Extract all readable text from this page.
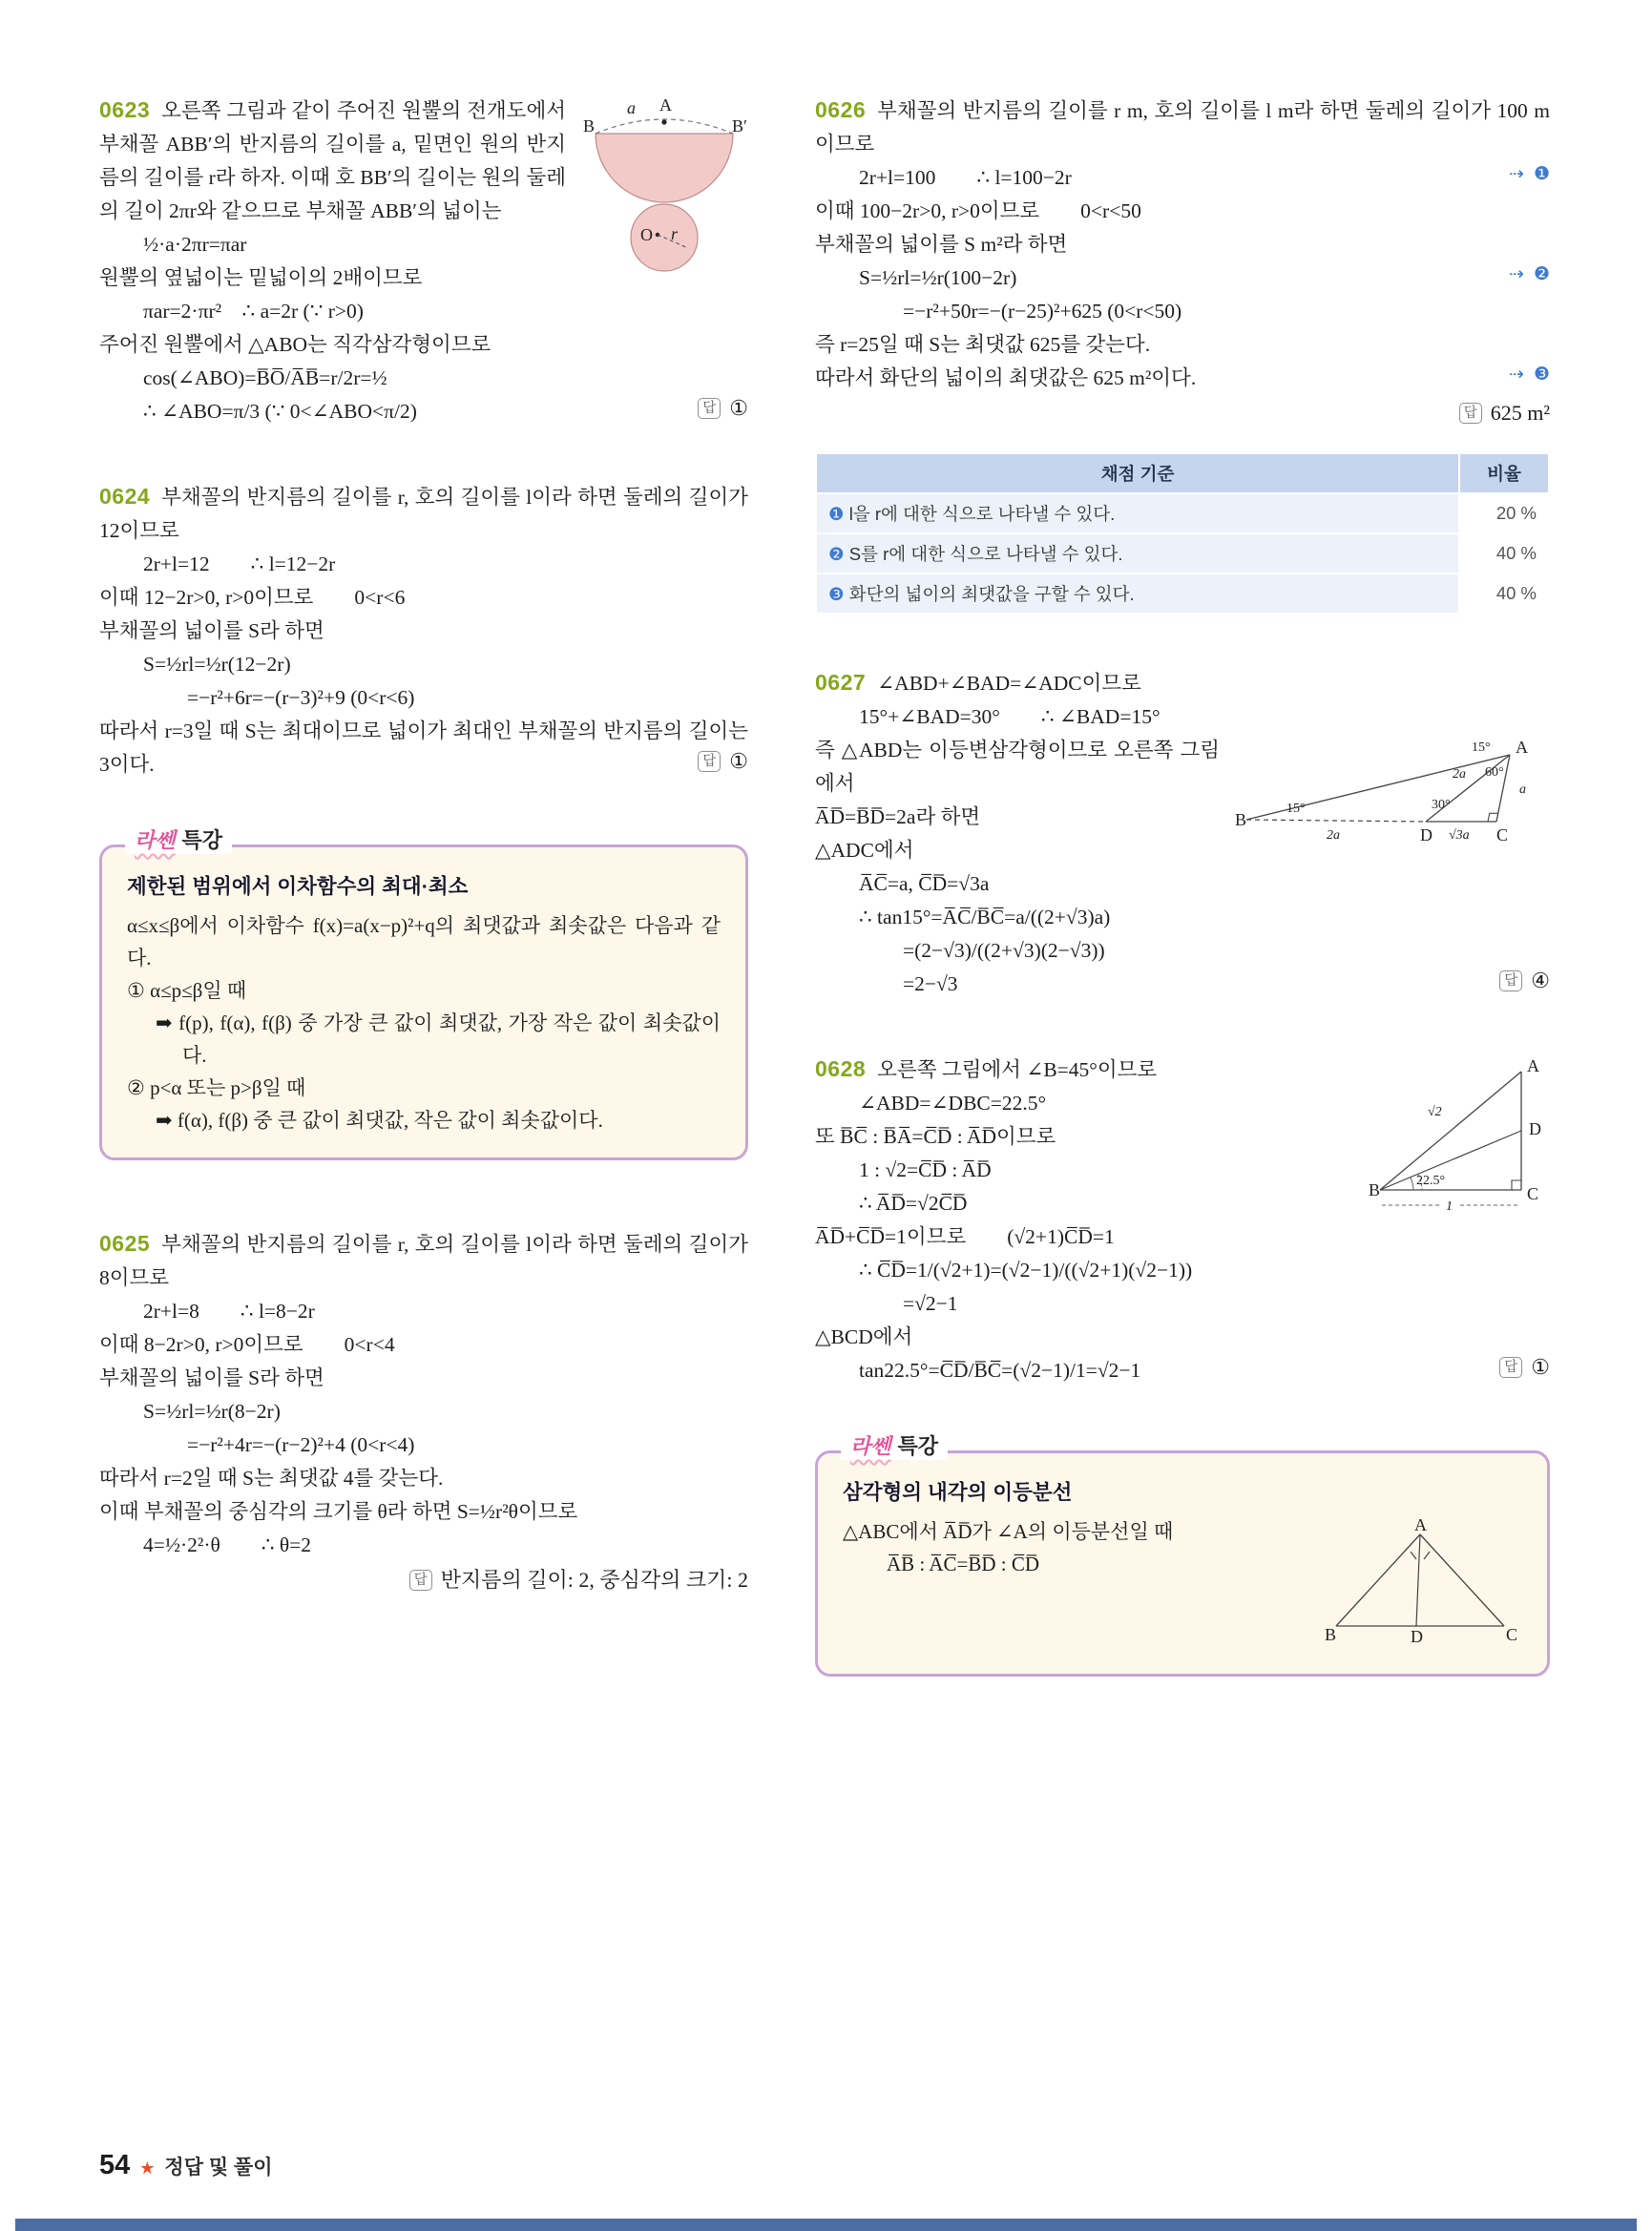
B
a A
B′
O r
0623 오른쪽 그림과 같이 주어진 원뿔의 전개도에서 부채꼴 ABB′의 반지름의 길이를 a, 밑면인 원의 반지름의 길이를 r라 하자. 이때 호 BB′의 길이는 원의 둘레의 길이 2πr와 같으므로 부채꼴 ABB′의 넓이는
½·a·2πr=πar
원뿔의 옆넓이는 밑넓이의 2배이므로
πar=2·πr² ∴ a=2r (∵ r>0)
주어진 원뿔에서 △ABO는 직각삼각형이므로
cos(∠ABO)=B̅O̅/A̅B̅=r/2r=½
∴ ∠ABO=π/3 (∵ 0<∠ABO<π/2)	답 ①
0624 부채꼴의 반지름의 길이를 r, 호의 길이를 l이라 하면 둘레의 길이가 12이므로
2r+l=12  ∴ l=12−2r
이때 12−2r>0, r>0이므로  0<r<6
부채꼴의 넓이를 S라 하면
S=½rl=½r(12−2r)
=−r²+6r=−(r−3)²+9 (0<r<6)
따라서 r=3일 때 S는 최대이므로 넓이가 최대인 부채꼴의 반지름의 길이는 3이다.	답 ①
라쎈 특강
제한된 범위에서 이차함수의 최대·최소
α≤x≤β에서 이차함수 f(x)=a(x−p)²+q의 최댓값과 최솟값은 다음과 같다.
① α≤p≤β일 때
➡ f(p), f(α), f(β) 중 가장 큰 값이 최댓값, 가장 작은 값이 최솟값이다.
② p<α 또는 p>β일 때
➡ f(α), f(β) 중 큰 값이 최댓값, 작은 값이 최솟값이다.
0625 부채꼴의 반지름의 길이를 r, 호의 길이를 l이라 하면 둘레의 길이가 8이므로
2r+l=8  ∴ l=8−2r
이때 8−2r>0, r>0이므로  0<r<4
부채꼴의 넓이를 S라 하면
S=½rl=½r(8−2r)
=−r²+4r=−(r−2)²+4 (0<r<4)
따라서 r=2일 때 S는 최댓값 4를 갖는다.
이때 부채꼴의 중심각의 크기를 θ라 하면 S=½r²θ이므로
4=½·2²·θ  ∴ θ=2
답 반지름의 길이: 2, 중심각의 크기: 2
0626 부채꼴의 반지름의 길이를 r m, 호의 길이를 l m라 하면 둘레의 길이가 100 m이므로
2r+l=100  ∴ l=100−2r	⇢ ❶
이때 100−2r>0, r>0이므로  0<r<50
부채꼴의 넓이를 S m²라 하면
S=½rl=½r(100−2r)	⇢ ❷
=−r²+50r=−(r−25)²+625 (0<r<50)
즉 r=25일 때 S는 최댓값 625를 갖는다.
따라서 화단의 넓이의 최댓값은 625 m²이다.	⇢ ❸
답 625 m²
채점 기준	비율
❶ l을 r에 대한 식으로 나타낼 수 있다.	20 %
❷ S를 r에 대한 식으로 나타낼 수 있다.	40 %
❸ 화단의 넓이의 최댓값을 구할 수 있다.	40 %
0627 ∠ABD+∠BAD=∠ADC이므로
15°+∠BAD=30°  ∴ ∠BAD=15°
B
D	C
A
15°
2a	√3a
a
2a
15°
60°
30°
즉 △ABD는 이등변삼각형이므로 오른쪽 그림에서
A̅D̅=B̅D̅=2a라 하면
△ADC에서
A̅C̅=a, C̅D̅=√3a
∴ tan15°=A̅C̅/B̅C̅=a/((2+√3)a)
=(2−√3)/((2+√3)(2−√3))
=2−√3	답 ④
B	C
A
D
√2
22.5°
1
0628 오른쪽 그림에서 ∠B=45°이므로
∠ABD=∠DBC=22.5°
또 B̅C̅ : B̅A̅=C̅D̅ : A̅D̅이므로
1 : √2=C̅D̅ : A̅D̅
∴ A̅D̅=√2C̅D̅
A̅D̅+C̅D̅=1이므로  (√2+1)C̅D̅=1
∴ C̅D̅=1/(√2+1)=(√2−1)/((√2+1)(√2−1))
=√2−1
△BCD에서
tan22.5°=C̅D̅/B̅C̅=(√2−1)/1=√2−1	답 ①
라쎈 특강
삼각형의 내각의 이등분선
A
B	D	C
△ABC에서 A̅D̅가 ∠A의 이등분선일 때
A̅B̅ : A̅C̅=B̅D̅ : C̅D̅
54 ★ 정답 및 풀이
